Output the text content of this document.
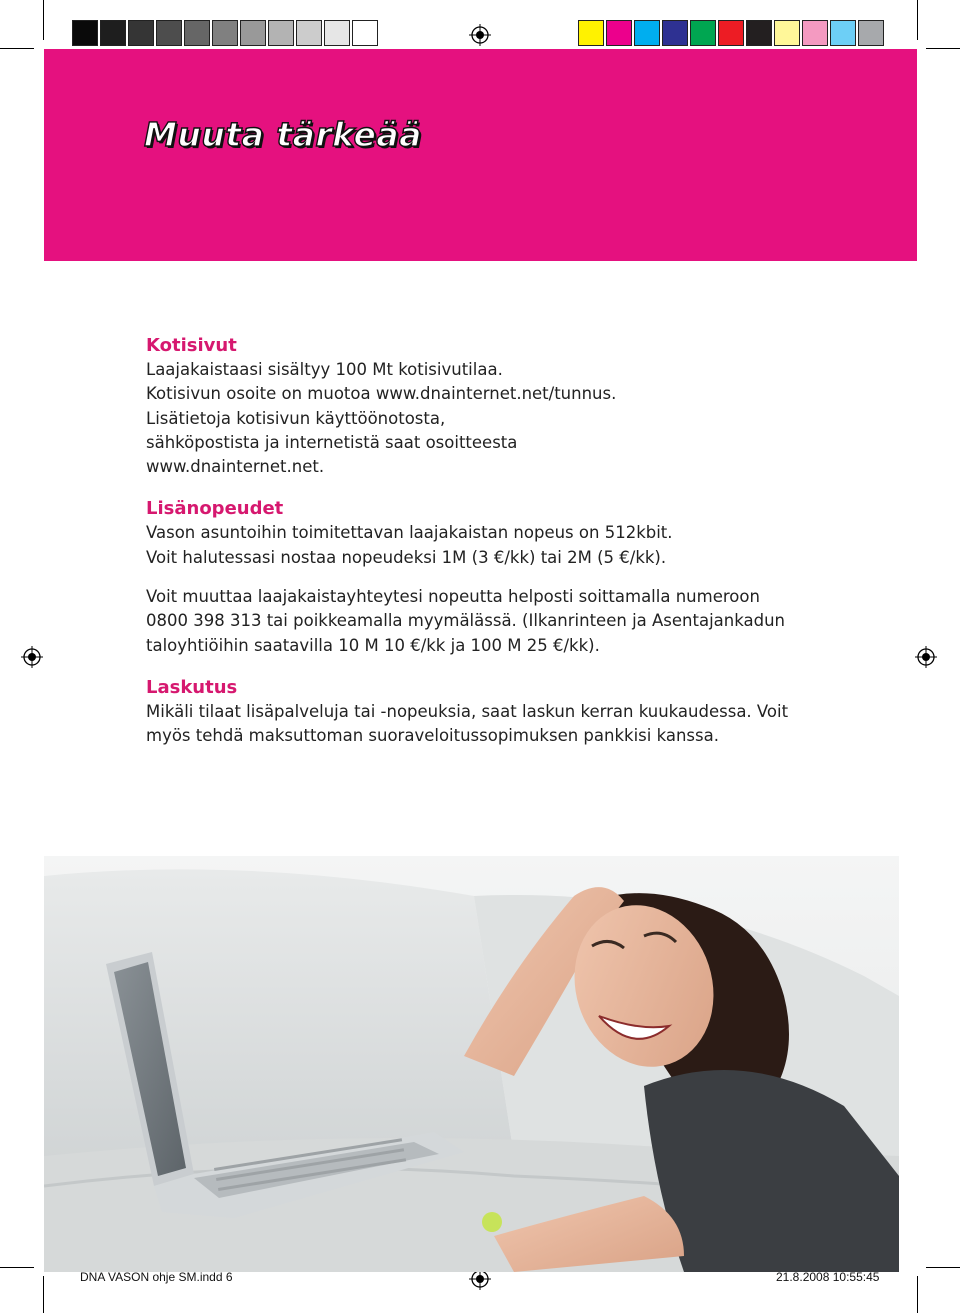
Muuta tärkeää

Kotisivut

Laajakaistaasi sisältyy 100 Mt kotisivutilaa.

Kotisivun osoite on muotoa www.dnainternet.net/tunnus.

Lisätietoja kotisivun käyttöönotosta,

sähköpostista ja internetistä saat osoitteesta

www.dnainternet.net.

Lisänopeudet

Vason asuntoihin toimitettavan laajakaistan nopeus on 512kbit.

Voit halutessasi nostaa nopeudeksi 1M (3 €/kk) tai 2M (5 €/kk).

Voit muuttaa laajakaistayhteytesi nopeutta helposti soittamalla numeroon

0800 398 313 tai poikkeamalla myymälässä. (Ilkanrinteen ja Asentajankadun

taloyhtiöihin saatavilla 10 M 10 €/kk ja 100 M 25 €/kk).

Laskutus

Mikäli tilaat lisäpalveluja tai -nopeuksia, saat laskun kerran kuukaudessa. Voit

myös tehdä maksuttoman suoraveloitussopimuksen pankkisi kanssa.

DNA VASON ohje SM.indd 6	21.8.2008 10:55:45
